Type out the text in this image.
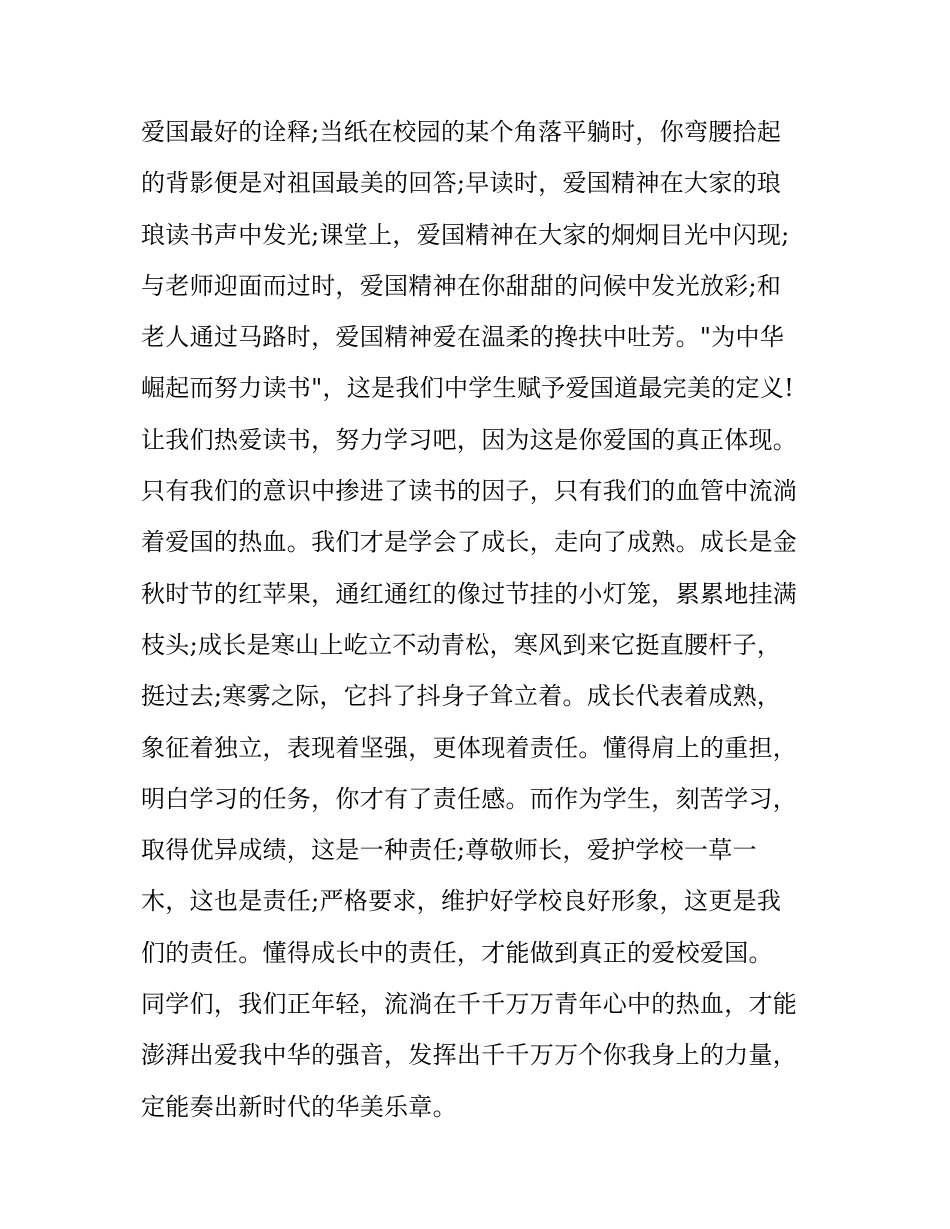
爱国最好的诠释;当纸在校园的某个角落平躺时，你弯腰拾起
的背影便是对祖国最美的回答;早读时，爱国精神在大家的琅
琅读书声中发光;课堂上，爱国精神在大家的炯炯目光中闪现;
与老师迎面而过时，爱国精神在你甜甜的问候中发光放彩;和
老人通过马路时，爱国精神爱在温柔的搀扶中吐芳。"为中华
崛起而努力读书"，这是我们中学生赋予爱国道最完美的定义!
让我们热爱读书，努力学习吧，因为这是你爱国的真正体现。
只有我们的意识中掺进了读书的因子，只有我们的血管中流淌
着爱国的热血。我们才是学会了成长，走向了成熟。成长是金
秋时节的红苹果，通红通红的像过节挂的小灯笼，累累地挂满
枝头;成长是寒山上屹立不动青松，寒风到来它挺直腰杆子，
挺过去;寒雾之际，它抖了抖身子耸立着。成长代表着成熟，
象征着独立，表现着坚强，更体现着责任。懂得肩上的重担，
明白学习的任务，你才有了责任感。而作为学生，刻苦学习，
取得优异成绩，这是一种责任;尊敬师长，爱护学校一草一
木，这也是责任;严格要求，维护好学校良好形象，这更是我
们的责任。懂得成长中的责任，才能做到真正的爱校爱国。
同学们，我们正年轻，流淌在千千万万青年心中的热血，才能
澎湃出爱我中华的强音，发挥出千千万万个你我身上的力量，
定能奏出新时代的华美乐章。
